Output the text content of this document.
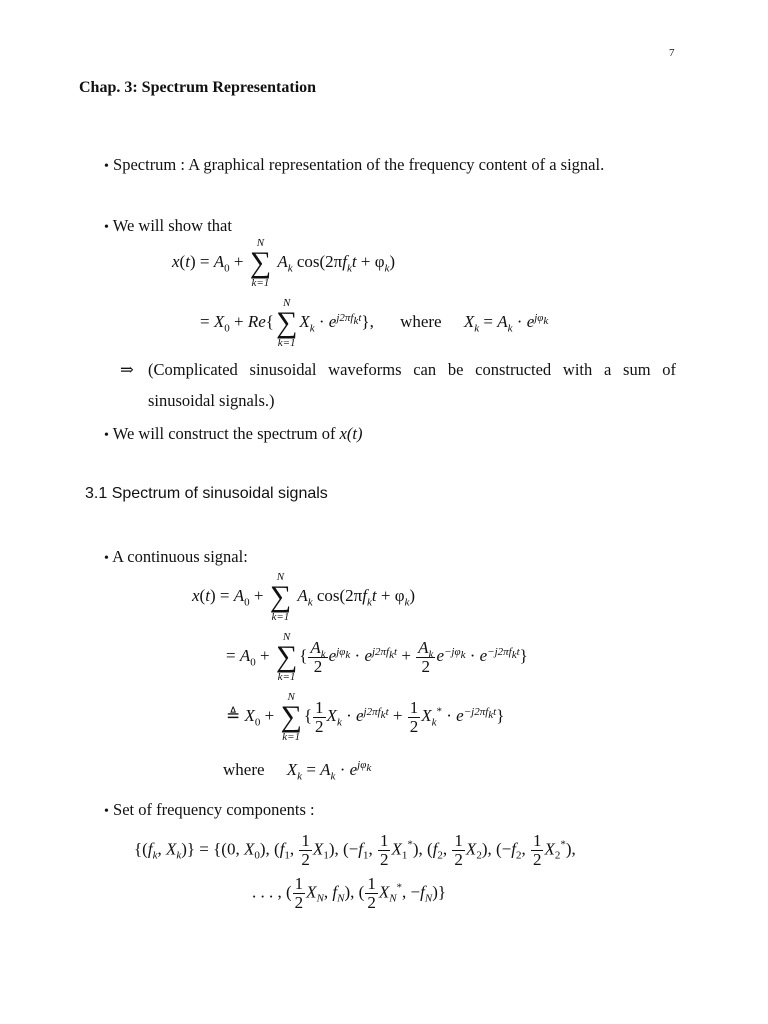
7
Chap. 3: Spectrum Representation
• Spectrum : A graphical representation of the frequency content of a signal.
• We will show that
$x(t) = A_0$ +
N
∑
k=1
$A_k$ $\cos(2\pi f_kt + \varphi_k)$
= $X_0 + Re${
N
∑
k=1
$X_k \cdot e^{j2\pi f_kt}$}, where $X_k = A_k \cdot e^{j\varphi_k}$
⇒ (Complicated sinusoidal waveforms can be constructed with a sum of
sinusoidal signals.)
• We will construct the spectrum of x(t)
3.1 Spectrum of sinusoidal signals
• A continuous signal:
$x(t) = A_0$ +
N
∑
k=1
$A_k$ $\cos(2\pi f_kt + \varphi_k)$
= $A_0$ +
N
∑
k=1
{ $\frac{A_k}{2} e^{j\varphi_k} \cdot e^{j2\pi f_kt} + \frac{A_k}{2} e^{-j\varphi_k} \cdot e^{-j2\pi f_kt}$}
≜ $X_0$ +
N
∑
k=1
{ $\frac{1}{2} X_k \cdot e^{j2\pi f_kt} + \frac{1}{2} X_k^* \cdot e^{-j2\pi f_kt}$}
where $X_k = A_k \cdot e^{j\varphi_k}$
• Set of frequency components :
{($f_k$, $X_k)\} = \{(0$, $X_0$), ($f_1$, $\frac{1}{2} X_1$), ($-f_1$, $\frac{1}{2} X_1^*$), ($f_2$, $\frac{1}{2} X_2$), ($-f_2$, $\frac{1}{2} X_2^*$),
. . . , ( $\frac{1}{2} X_N$, $f_N$), ( $\frac{1}{2} X_N^*$, $-f_N$)}
